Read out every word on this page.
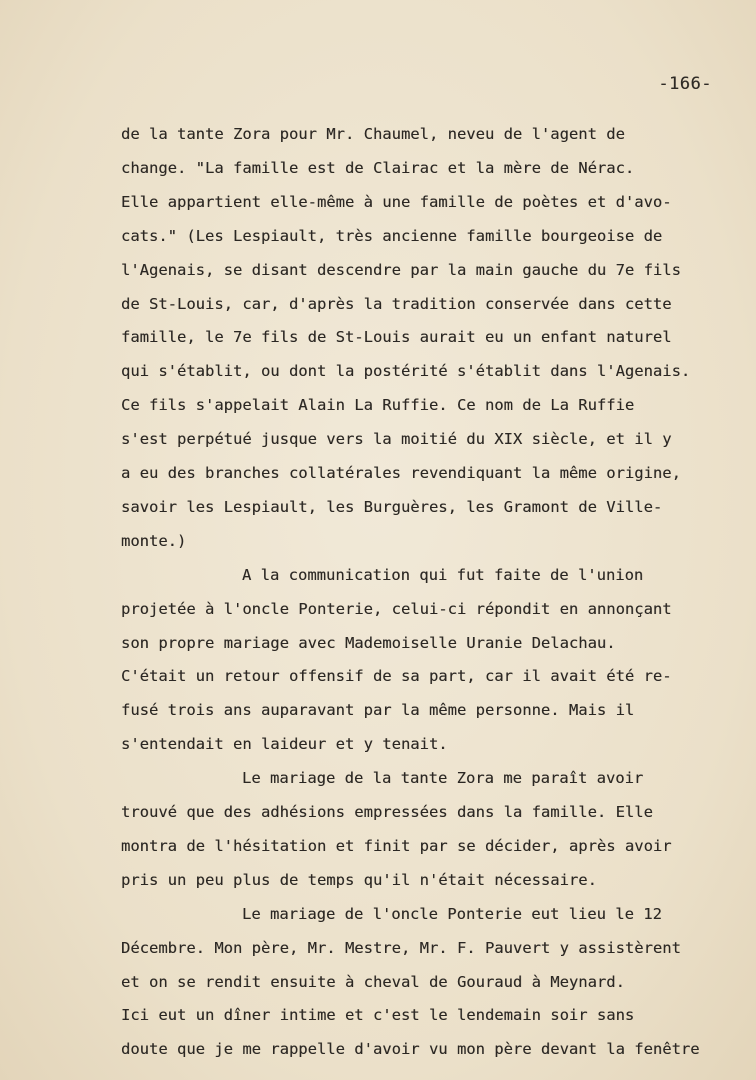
-166-
de la tante Zora pour Mr. Chaumel, neveu de l'agent de
change. "La famille est de Clairac et la mère de Nérac.
Elle appartient elle-même à une famille de poètes et d'avo-
cats." (Les Lespiault, très ancienne famille bourgeoise de
l'Agenais, se disant descendre par la main gauche du 7e fils
de St-Louis, car, d'après la tradition conservée dans cette
famille, le 7e fils de St-Louis aurait eu un enfant naturel
qui s'établit, ou dont la postérité s'établit dans l'Agenais.
Ce fils s'appelait Alain La Ruffie. Ce nom de La Ruffie
s'est perpétué jusque vers la moitié du XIX siècle, et il y
a eu des branches collatérales revendiquant la même origine,
savoir les Lespiault, les Burguères, les Gramont de Ville-
monte.)
A la communication qui fut faite de l'union
projetée à l'oncle Ponterie, celui-ci répondit en annonçant
son propre mariage avec Mademoiselle Uranie Delachau.
C'était un retour offensif de sa part, car il avait été re-
fusé trois ans auparavant par la même personne. Mais il
s'entendait en laideur et y tenait.
Le mariage de la tante Zora me paraît avoir
trouvé que des adhésions empressées dans la famille. Elle
montra de l'hésitation et finit par se décider, après avoir
pris un peu plus de temps qu'il n'était nécessaire.
Le mariage de l'oncle Ponterie eut lieu le 12
Décembre. Mon père, Mr. Mestre, Mr. F. Pauvert y assistèrent
et on se rendit ensuite à cheval de Gouraud à Meynard.
Ici eut un dîner intime et c'est le lendemain soir sans
doute que je me rappelle d'avoir vu mon père devant la fenêtre
